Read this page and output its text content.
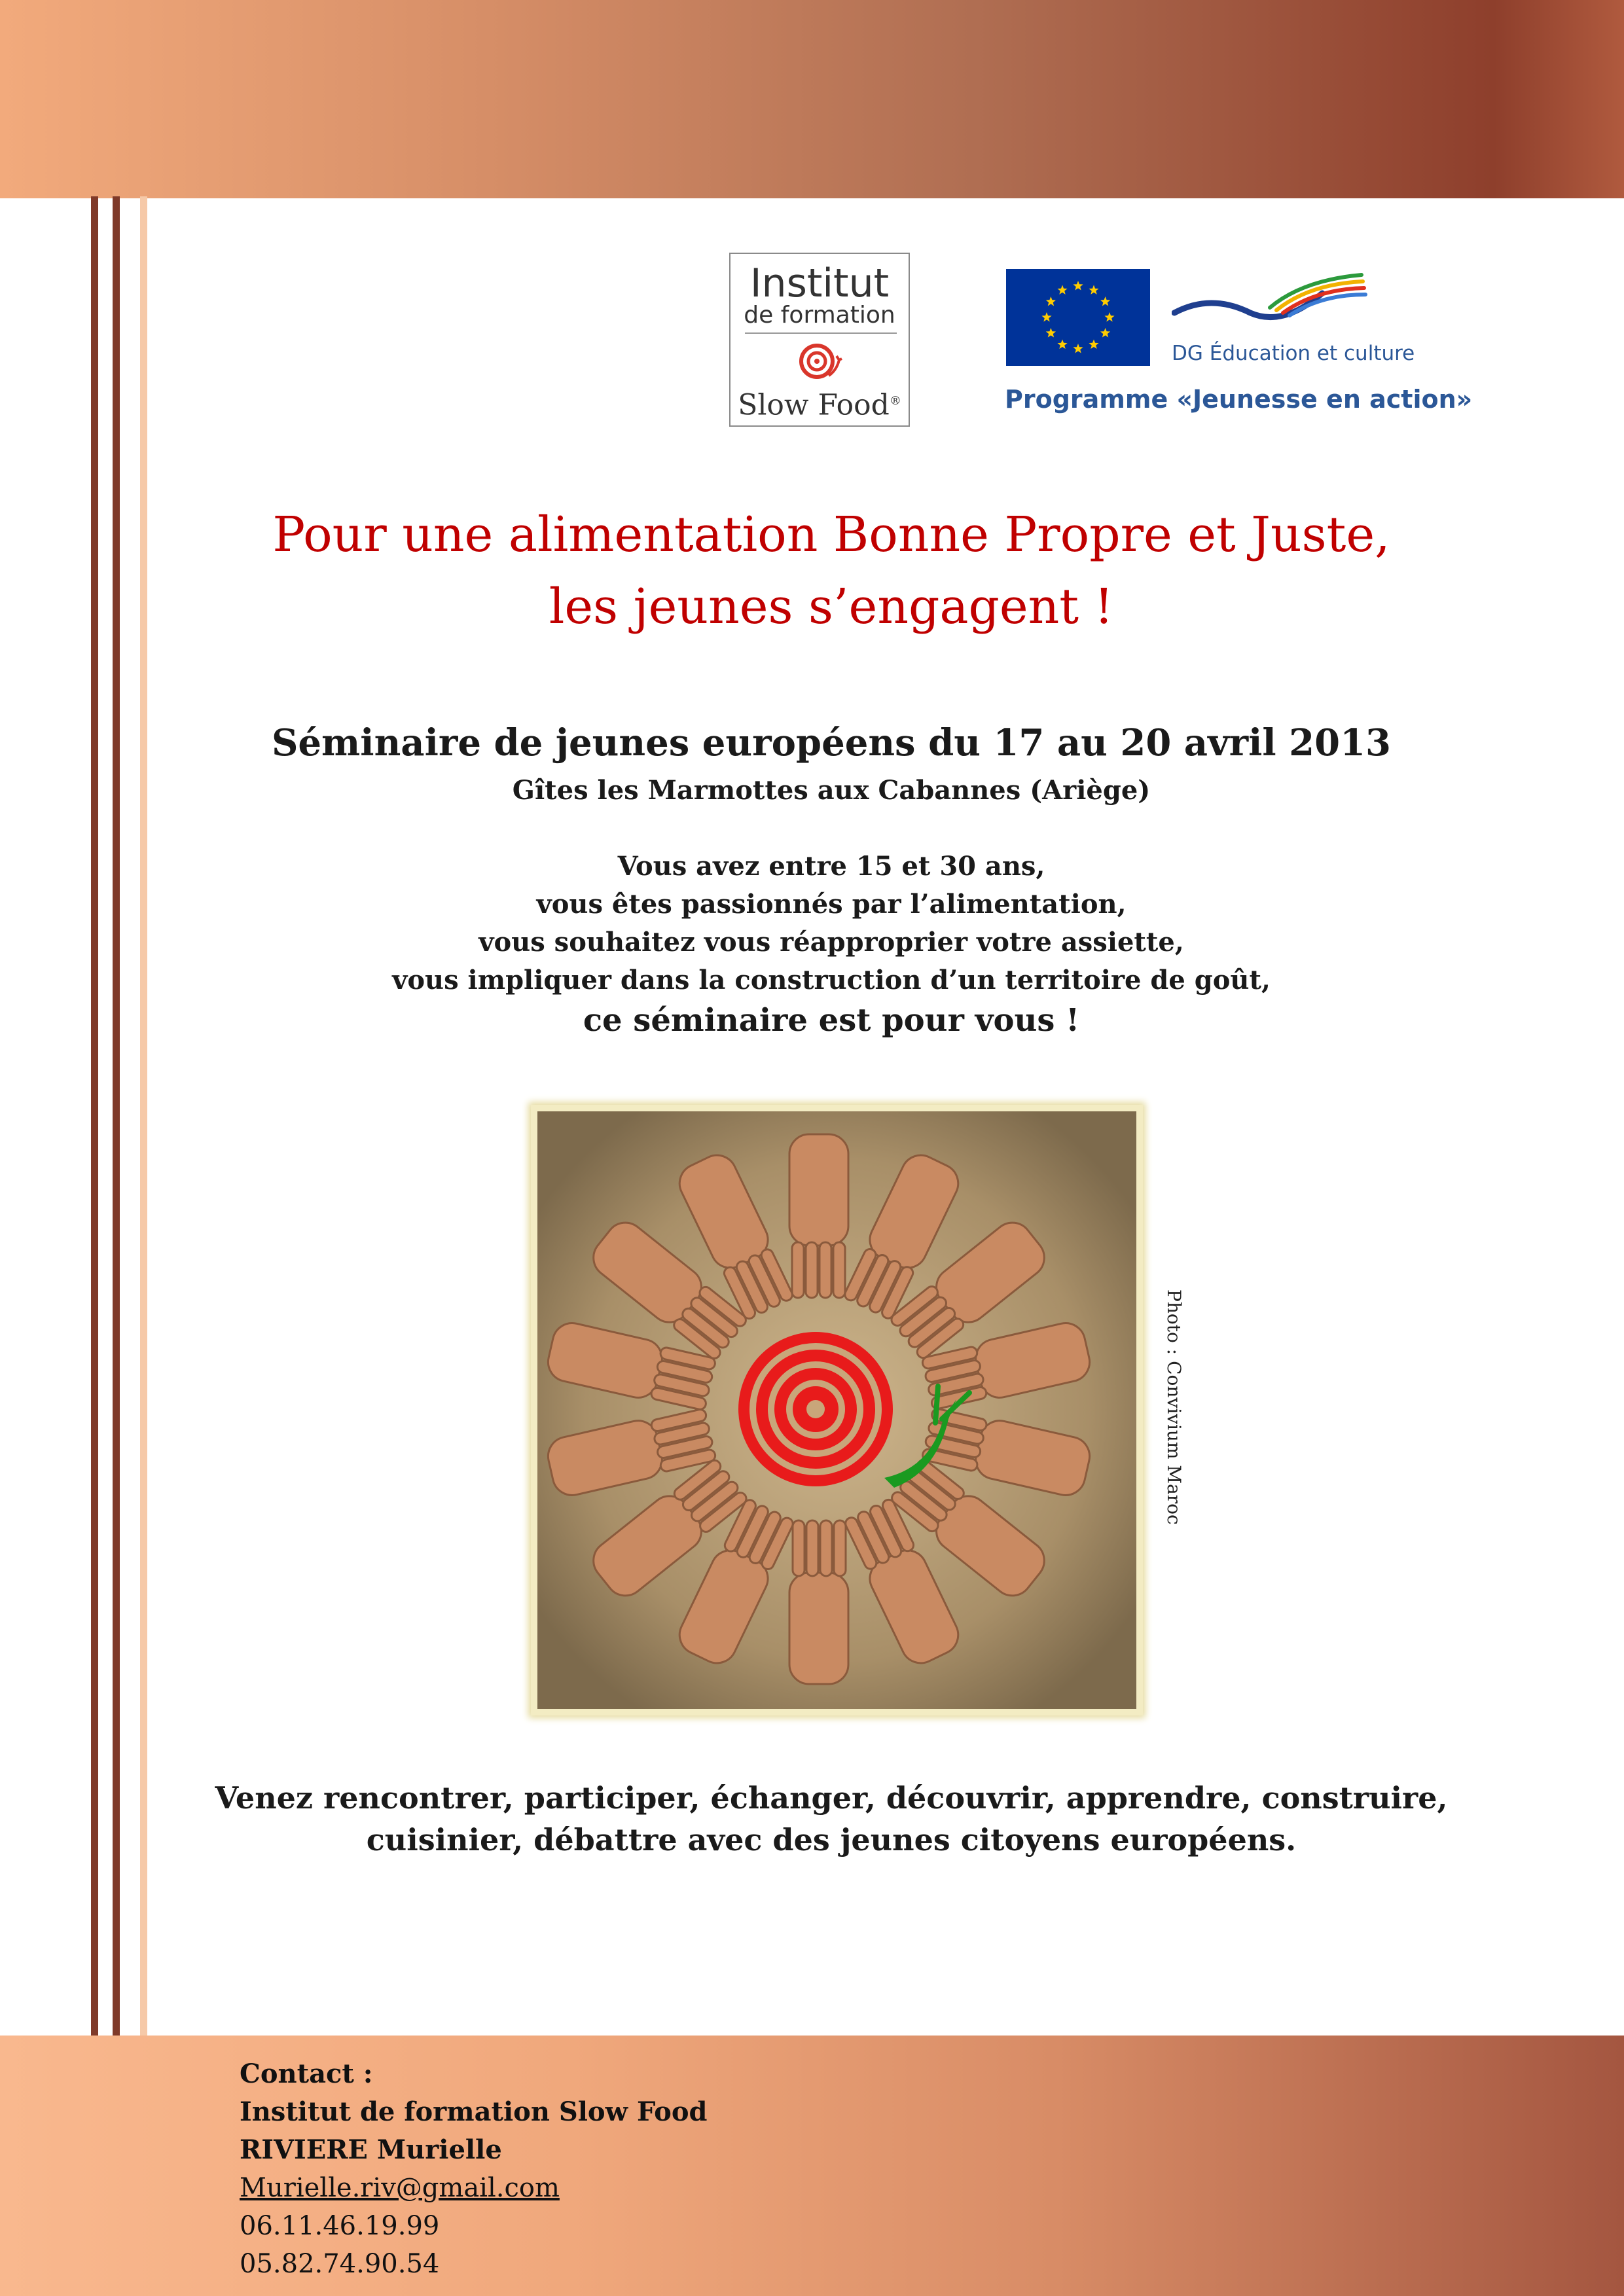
Institut
de formation
Slow Food®
DG Éducation et culture
Programme «Jeunesse en action»
Pour une alimentation Bonne Propre et Juste,
les jeunes s’engagent !
Séminaire de jeunes européens du 17 au 20 avril 2013
Gîtes les Marmottes aux Cabannes (Ariège)
Vous avez entre 15 et 30 ans,
vous êtes passionnés par l’alimentation,
vous souhaitez vous réapproprier votre assiette,
vous impliquer dans la construction d’un territoire de goût,
ce séminaire est pour vous !
Photo : Convivium Maroc
Venez rencontrer, participer, échanger, découvrir, apprendre, construire,
cuisinier, débattre avec des jeunes citoyens européens.
Contact :
Institut de formation Slow Food
RIVIERE Murielle
Murielle.riv@gmail.com
06.11.46.19.99
05.82.74.90.54
